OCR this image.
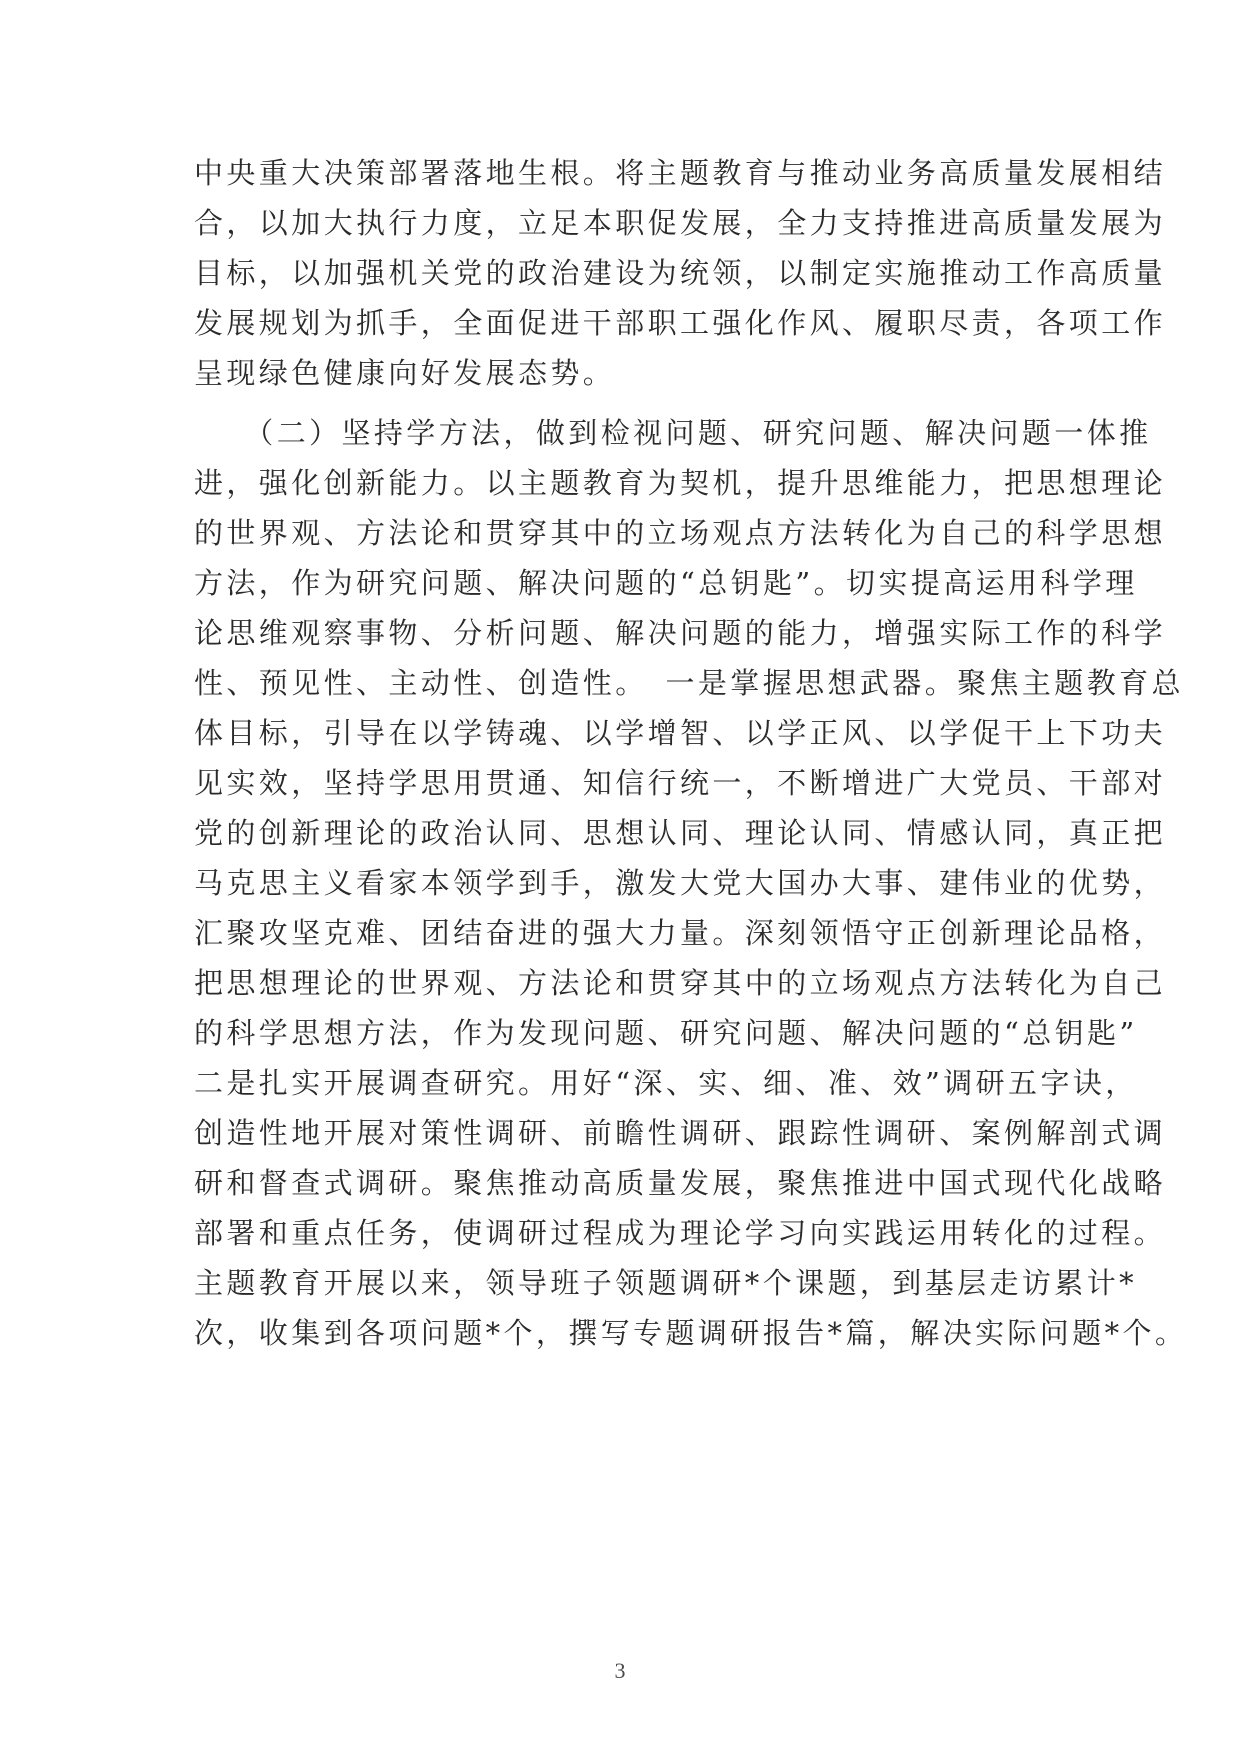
中央重大决策部署落地生根。将主题教育与推动业务高质量发展相结
合，以加大执行力度，立足本职促发展，全力支持推进高质量发展为
目标，以加强机关党的政治建设为统领，以制定实施推动工作高质量
发展规划为抓手，全面促进干部职工强化作风、履职尽责，各项工作
呈现绿色健康向好发展态势。
　　（二）坚持学方法，做到检视问题、研究问题、解决问题一体推
进，强化创新能力。以主题教育为契机，提升思维能力，把思想理论
的世界观、方法论和贯穿其中的立场观点方法转化为自己的科学思想
方法，作为研究问题、解决问题的“总钥匙”。切实提高运用科学理
论思维观察事物、分析问题、解决问题的能力，增强实际工作的科学
性、预见性、主动性、创造性。　一是掌握思想武器。聚焦主题教育总
体目标，引导在以学铸魂、以学增智、以学正风、以学促干上下功夫
见实效，坚持学思用贯通、知信行统一，不断增进广大党员、干部对
党的创新理论的政治认同、思想认同、理论认同、情感认同，真正把
马克思主义看家本领学到手，激发大党大国办大事、建伟业的优势，
汇聚攻坚克难、团结奋进的强大力量。深刻领悟守正创新理论品格，
把思想理论的世界观、方法论和贯穿其中的立场观点方法转化为自己
的科学思想方法，作为发现问题、研究问题、解决问题的“总钥匙”
二是扎实开展调查研究。用好“深、实、细、准、效”调研五字诀，
创造性地开展对策性调研、前瞻性调研、跟踪性调研、案例解剖式调
研和督查式调研。聚焦推动高质量发展，聚焦推进中国式现代化战略
部署和重点任务，使调研过程成为理论学习向实践运用转化的过程。
主题教育开展以来，领导班子领题调研*个课题，到基层走访累计*
次，收集到各项问题*个，撰写专题调研报告*篇，解决实际问题*个。
3
